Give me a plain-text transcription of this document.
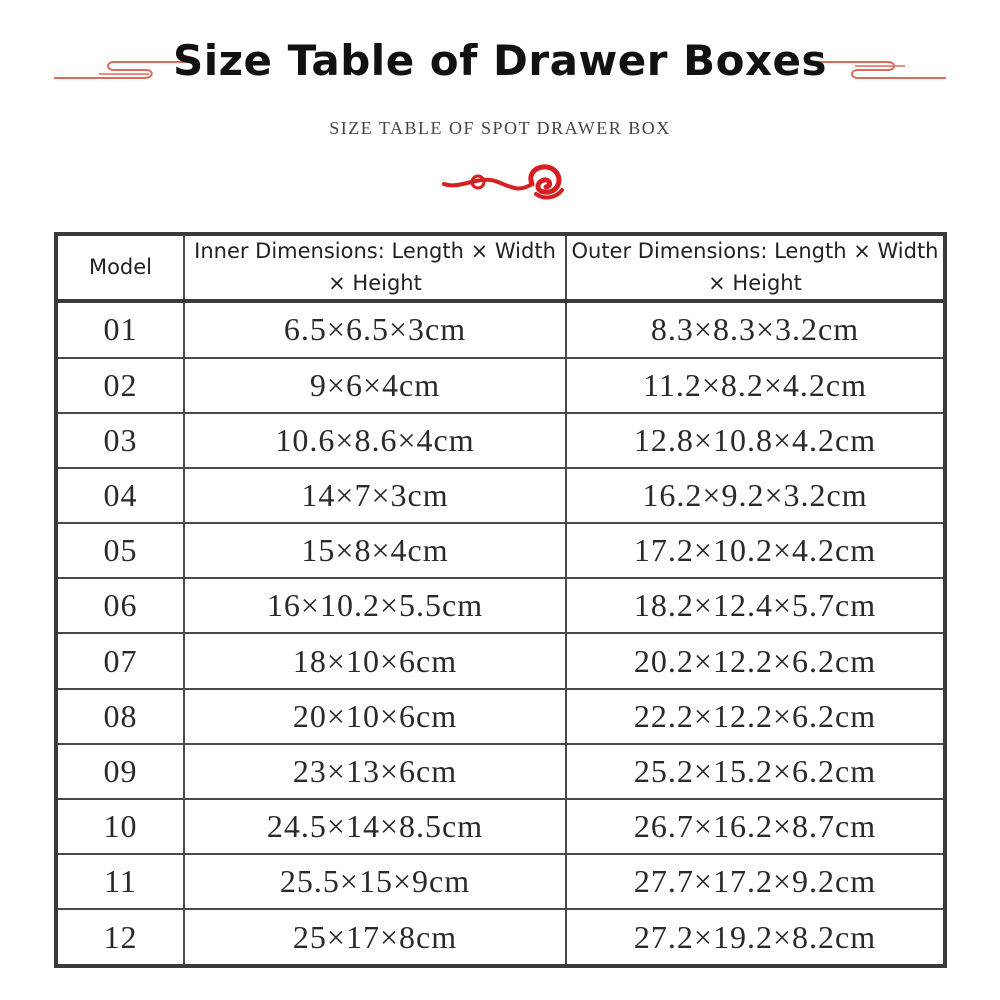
Size Table of Drawer Boxes
SIZE TABLE OF SPOT DRAWER BOX
Model	Inner Dimensions: Length × Width × Height	Outer Dimensions: Length × Width × Height
01	6.5×6.5×3cm	8.3×8.3×3.2cm
02	9×6×4cm	11.2×8.2×4.2cm
03	10.6×8.6×4cm	12.8×10.8×4.2cm
04	14×7×3cm	16.2×9.2×3.2cm
05	15×8×4cm	17.2×10.2×4.2cm
06	16×10.2×5.5cm	18.2×12.4×5.7cm
07	18×10×6cm	20.2×12.2×6.2cm
08	20×10×6cm	22.2×12.2×6.2cm
09	23×13×6cm	25.2×15.2×6.2cm
10	24.5×14×8.5cm	26.7×16.2×8.7cm
11	25.5×15×9cm	27.7×17.2×9.2cm
12	25×17×8cm	27.2×19.2×8.2cm
